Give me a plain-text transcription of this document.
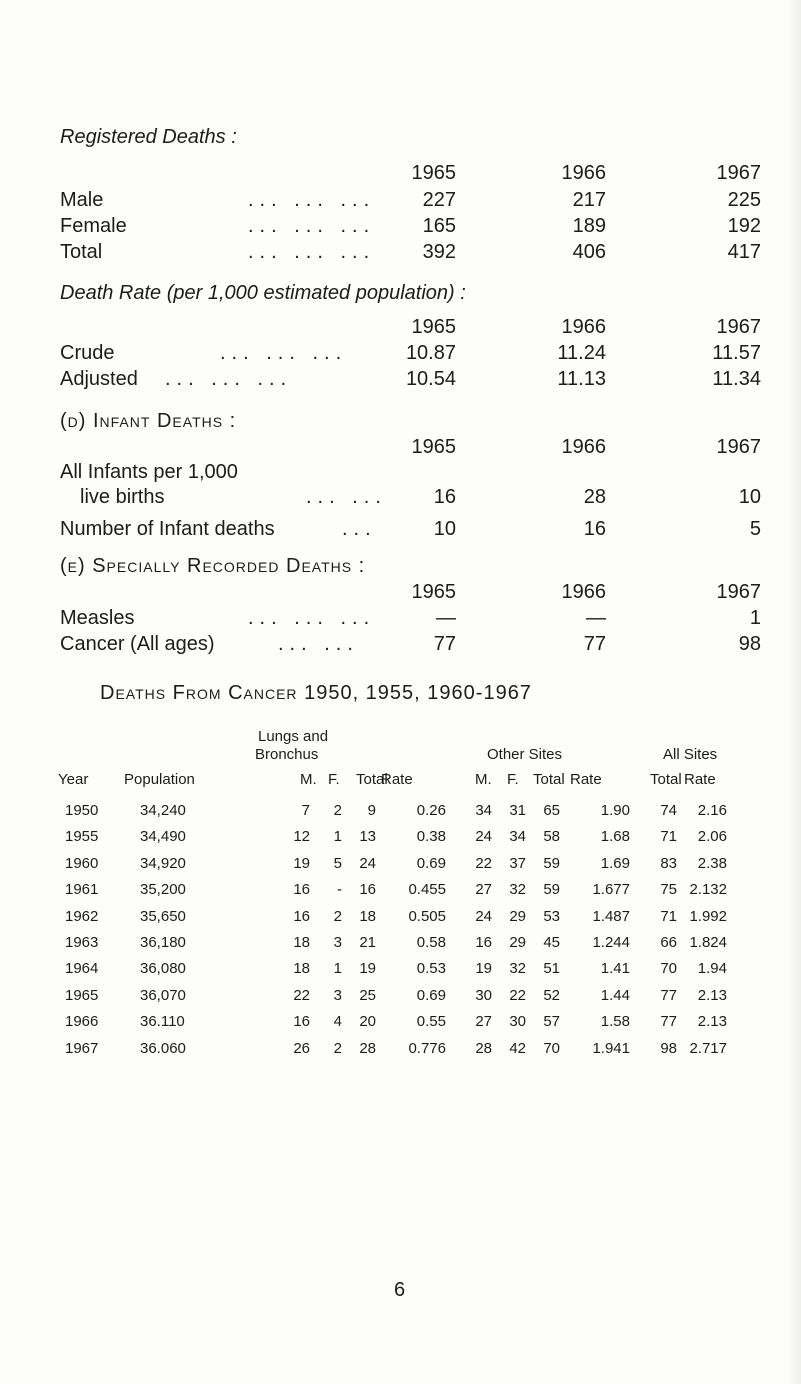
Registered Deaths :
1965	1966	1967
Male	... ... ... 227	217	225
Female	... ... ... 165	189	192
Total	... ... ... 392	406	417
Death Rate (per 1,000 estimated population) :
1965	1966	1967
Crude	... ... ...	10.87	11.24	11.57
Adjusted ... ... ...	10.54	11.13	11.34
(d) Infant Deaths :
1965	1966	1967
All Infants per 1,000
live births	... ... 16	28	10
Number of Infant deaths	...	10	16	5
(e) Specially Recorded Deaths :
1965	1966	1967
Measles	... ... ...	—	—	1
Cancer (All ages)	... ...	77	77	98
Deaths From Cancer 1950, 1955, 1960-1967
Lungs and
Bronchus	Other Sites	All Sites
Year Population	M. F. Total
Rate	M. F. Total Rate	Total Rate
1950	34,240	7 2 9	0.26 34 31 65	1.90 74 2.16
1955	34,490	12 1 13	0.38 24 34 58	1.68 71 2.06
1960	34,920	19 5 24	0.69 22 37 59	1.69 83 2.38
1961	35,200	16 - 16 0.455 27 32 59 1.677 75 2.132
1962	35,650	16 2 18 0.505 24 29 53 1.487 71 1.992
1963	36,180	18 3 21	0.58 16 29 45 1.244 66 1.824
1964	36,080	18 1 19	0.53 19 32 51	1.41 70 1.94
1965	36,070	22 3 25	0.69 30 22 52	1.44 77 2.13
1966	36.110	16 4 20	0.55 27 30 57	1.58 77 2.13
1967	36.060	26 2 28 0.776 28 42 70 1.941 98 2.717
6
